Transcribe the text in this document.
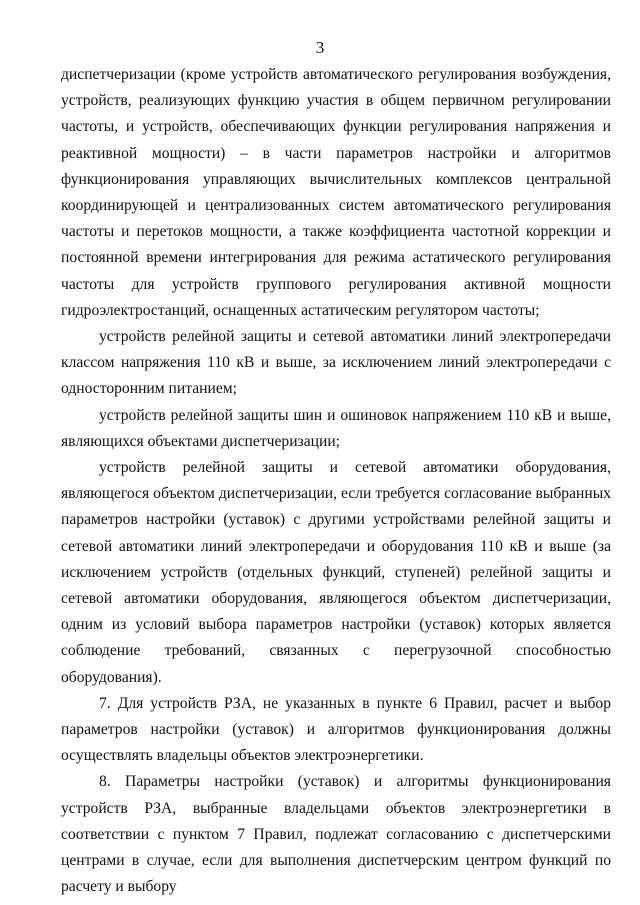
3

диспетчеризации (кроме устройств автоматического регулирования возбуждения, устройств, реализующих функцию участия в общем первичном регулировании частоты, и устройств, обеспечивающих функции регулирования напряжения и реактивной мощности) – в части параметров настройки и алгоритмов функционирования управляющих вычислительных комплексов центральной координирующей и централизованных систем автоматического регулирования частоты и перетоков мощности, а также коэффициента частотной коррекции и постоянной времени интегрирования для режима астатического регулирования частоты для устройств группового регулирования активной мощности гидроэлектростанций, оснащенных астатическим регулятором частоты;

устройств релейной защиты и сетевой автоматики линий электропередачи классом напряжения 110 кВ и выше, за исключением линий электропередачи с односторонним питанием;

устройств релейной защиты шин и ошиновок напряжением 110 кВ и выше, являющихся объектами диспетчеризации;

устройств релейной защиты и сетевой автоматики оборудования, являющегося объектом диспетчеризации, если требуется согласование выбранных параметров настройки (уставок) с другими устройствами релейной защиты и сетевой автоматики линий электропередачи и оборудования 110 кВ и выше (за исключением устройств (отдельных функций, ступеней) релейной защиты и сетевой автоматики оборудования, являющегося объектом диспетчеризации, одним из условий выбора параметров настройки (уставок) которых является соблюдение требований, связанных с перегрузочной способностью оборудования).

7. Для устройств РЗА, не указанных в пункте 6 Правил, расчет и выбор параметров настройки (уставок) и алгоритмов функционирования должны осуществлять владельцы объектов электроэнергетики.

8. Параметры настройки (уставок) и алгоритмы функционирования устройств РЗА, выбранные владельцами объектов электроэнергетики в соответствии с пунктом 7 Правил, подлежат согласованию с диспетчерскими центрами в случае, если для выполнения диспетчерским центром функций по расчету и выбору
